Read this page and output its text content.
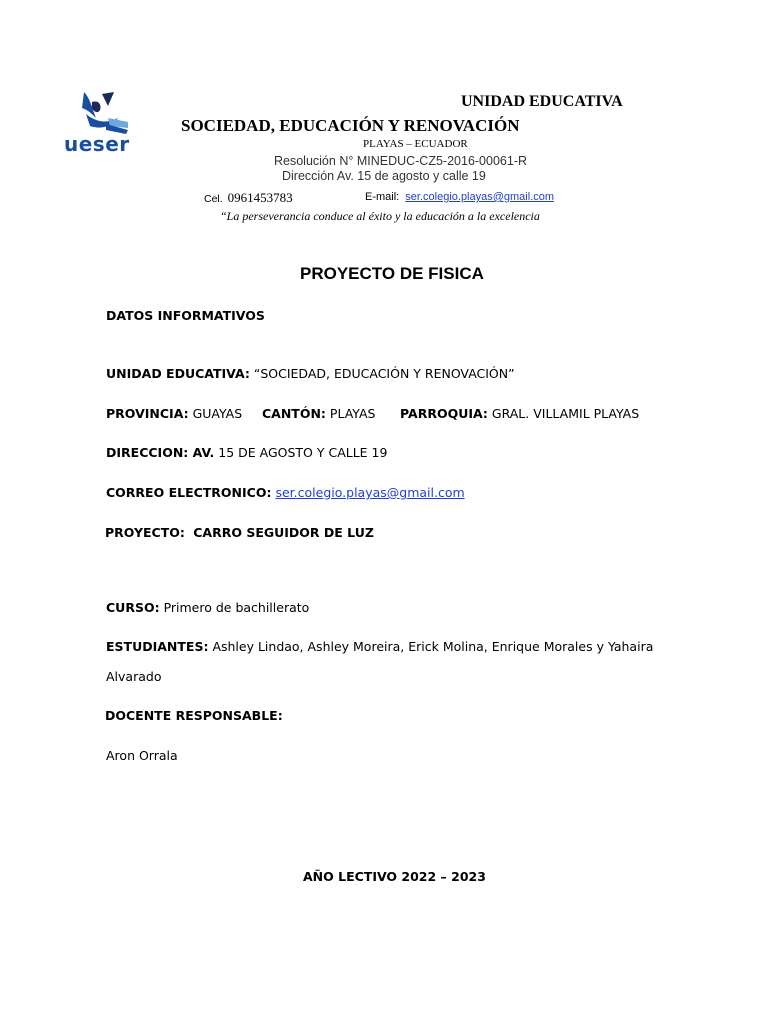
ueser
UNIDAD EDUCATIVA
SOCIEDAD, EDUCACIÓN Y RENOVACIÓN
PLAYAS – ECUADOR
Resolución N° MINEDUC-CZ5-2016-00061-R
Dirección Av. 15 de agosto y calle 19
Cel. 0961453783	E-mail: ser.colegio.playas@gmail.com
“La perseverancia conduce al éxito y la educación a la excelencia
PROYECTO DE FISICA
DATOS INFORMATIVOS
UNIDAD EDUCATIVA: “SOCIEDAD, EDUCACIÓN Y RENOVACIÓN”
PROVINCIA: GUAYAS CANTÓN: PLAYAS PARROQUIA: GRAL. VILLAMIL PLAYAS
DIRECCION: AV. 15 DE AGOSTO Y CALLE 19
CORREO ELECTRONICO: ser.colegio.playas@gmail.com
PROYECTO: CARRO SEGUIDOR DE LUZ
CURSO: Primero de bachillerato
ESTUDIANTES: Ashley Lindao, Ashley Moreira, Erick Molina, Enrique Morales y Yahaira
Alvarado
DOCENTE RESPONSABLE:
Aron Orrala
AÑO LECTIVO 2022 – 2023
